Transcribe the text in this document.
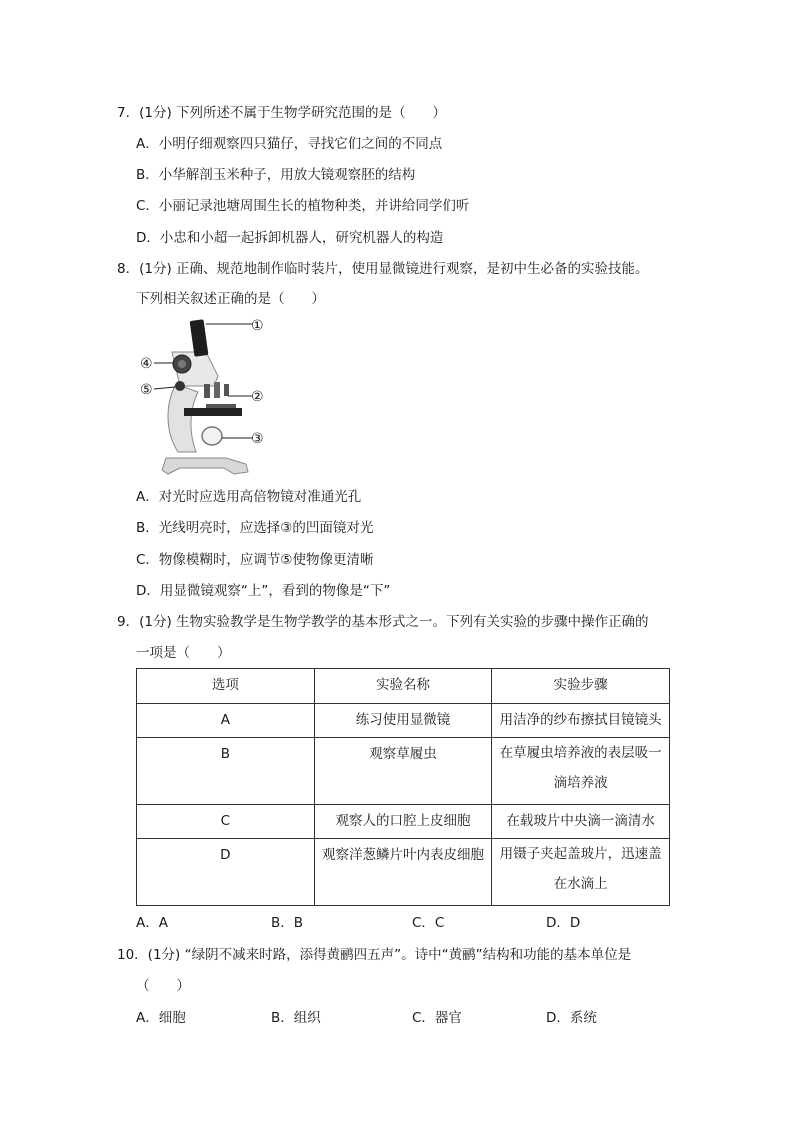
7．(1分) 下列所述不属于生物学研究范围的是（　　）
A．小明仔细观察四只猫仔，寻找它们之间的不同点
B．小华解剖玉米种子，用放大镜观察胚的结构
C．小丽记录池塘周围生长的植物种类，并讲给同学们听
D．小忠和小超一起拆卸机器人，研究机器人的构造
8．(1分) 正确、规范地制作临时装片，使用显微镜进行观察，是初中生必备的实验技能。
下列相关叙述正确的是（　　）
①
②
③
④
⑤
A．对光时应选用高倍物镜对准通光孔
B．光线明亮时，应选择③的凹面镜对光
C．物像模糊时，应调节⑤使物像更清晰
D．用显微镜观察“上”，看到的物像是“下”
9．(1分) 生物实验教学是生物学教学的基本形式之一。下列有关实验的步骤中操作正确的
一项是（　　）
选项	实验名称	实验步骤
A	练习使用显微镜	用洁净的纱布擦拭目镜镜头
B	观察草履虫	在草履虫培养液的表层吸一
滴培养液

C	观察人的口腔上皮细胞	在载玻片中央滴一滴清水
D	观察洋葱鳞片叶内表皮细胞	用镊子夹起盖玻片，迅速盖
在水滴上
A．A	B．B	C．C	D．D
10．(1分) “绿阴不减来时路，添得黄鹂四五声”。诗中“黄鹂”结构和功能的基本单位是
（　　）
A．细胞	B．组织	C．器官	D．系统
